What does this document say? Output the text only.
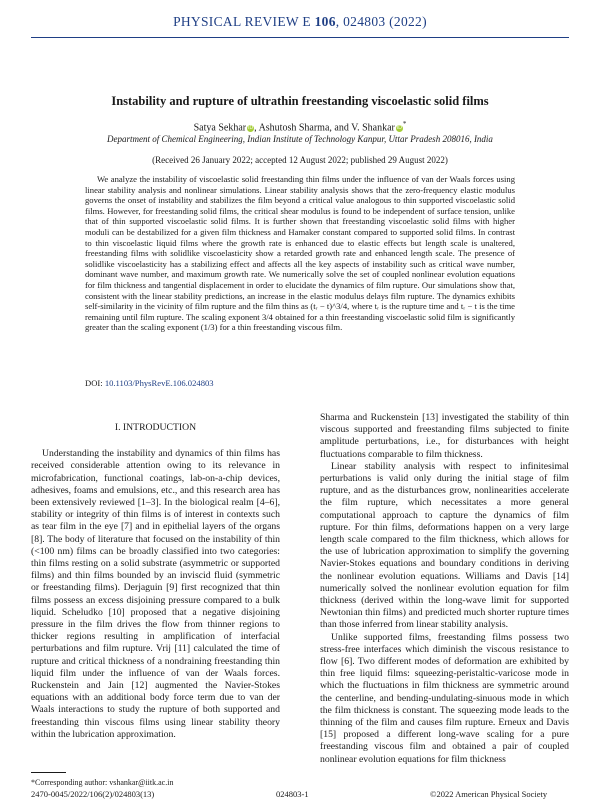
PHYSICAL REVIEW E 106, 024803 (2022)
Instability and rupture of ultrathin freestanding viscoelastic solid films
Satya Sekhar iD, Ashutosh Sharma, and V. Shankar iD*
Department of Chemical Engineering, Indian Institute of Technology Kanpur, Uttar Pradesh 208016, India
(Received 26 January 2022; accepted 12 August 2022; published 29 August 2022)
We analyze the instability of viscoelastic solid freestanding thin films under the influence of van der Waals forces using linear stability analysis and nonlinear simulations. Linear stability analysis shows that the zero-frequency elastic modulus governs the onset of instability and stabilizes the film beyond a critical value analogous to thin supported viscoelastic solid films. However, for freestanding solid films, the critical shear modulus is found to be independent of surface tension, unlike that of thin supported viscoelastic solid films. It is further shown that freestanding viscoelastic solid films with higher moduli can be destabilized for a given film thickness and Hamaker constant compared to supported solid films. In contrast to thin viscoelastic liquid films where the growth rate is enhanced due to elastic effects but length scale is unaltered, freestanding films with solidlike viscoelasticity show a retarded growth rate and enhanced length scale. The presence of solidlike viscoelasticity has a stabilizing effect and affects all the key aspects of instability such as critical wave number, dominant wave number, and maximum growth rate. We numerically solve the set of coupled nonlinear evolution equations for film thickness and tangential displacement in order to elucidate the dynamics of film rupture. Our simulations show that, consistent with the linear stability predictions, an increase in the elastic modulus delays film rupture. The dynamics exhibits self-similarity in the vicinity of film rupture and the film thins as (tᵣ − t)^3/4, where tᵣ is the rupture time and tᵣ − t is the time remaining until film rupture. The scaling exponent 3/4 obtained for a thin freestanding viscoelastic solid film is significantly greater than the scaling exponent (1/3) for a thin freestanding viscous film.
DOI: 10.1103/PhysRevE.106.024803
I. INTRODUCTION

Understanding the instability and dynamics of thin films has received considerable attention owing to its relevance in microfabrication, functional coatings, lab-on-a-chip devices, adhesives, foams and emulsions, etc., and this research area has been extensively reviewed [1–3]. In the biological realm [4–6], stability or integrity of thin films is of interest in contexts such as tear film in the eye [7] and in epithelial layers of the organs [8]. The body of literature that focused on the instability of thin (<100 nm) films can be broadly classified into two categories: thin films resting on a solid substrate (asymmetric or supported films) and thin films bounded by an inviscid fluid (symmetric or freestanding films). Derjaguin [9] first recognized that thin films possess an excess disjoining pressure compared to a bulk liquid. Scheludko [10] proposed that a negative disjoining pressure in the film drives the flow from thinner regions to thicker regions resulting in amplification of interfacial perturbations and film rupture. Vrij [11] calculated the time of rupture and critical thickness of a nondraining freestanding thin liquid film under the influence of van der Waals forces. Ruckenstein and Jain [12] augmented the Navier-Stokes equations with an additional body force term due to van der Waals interactions to study the rupture of both supported and freestanding thin viscous films using linear stability theory within the lubrication approximation.

Sharma and Ruckenstein [13] investigated the stability of thin viscous supported and freestanding films subjected to finite amplitude perturbations, i.e., for disturbances with height fluctuations comparable to film thickness.

Linear stability analysis with respect to infinitesimal perturbations is valid only during the initial stage of film rupture, and as the disturbances grow, nonlinearities accelerate the film rupture, which necessitates a more general computational approach to capture the dynamics of film rupture. For thin films, deformations happen on a very large length scale compared to the film thickness, which allows for the use of lubrication approximation to simplify the governing Navier-Stokes equations and boundary conditions in deriving the nonlinear evolution equations. Williams and Davis [14] numerically solved the nonlinear evolution equation for film thickness (derived within the long-wave limit for supported Newtonian thin films) and predicted much shorter rupture times than those inferred from linear stability analysis.

Unlike supported films, freestanding films possess two stress-free interfaces which diminish the viscous resistance to flow [6]. Two different modes of deformation are exhibited by thin free liquid films: squeezing-peristaltic-varicose mode in which the fluctuations in film thickness are symmetric around the centerline, and bending-undulating-sinuous mode in which the film thickness is constant. The squeezing mode leads to the thinning of the film and causes film rupture. Erneux and Davis [15] proposed a different long-wave scaling for a pure freestanding viscous film and obtained a pair of coupled nonlinear evolution equations for film thickness

*Corresponding author: vshankar@iitk.ac.in
2470-0045/2022/106(2)/024803(13)	024803-1	©2022 American Physical Society
